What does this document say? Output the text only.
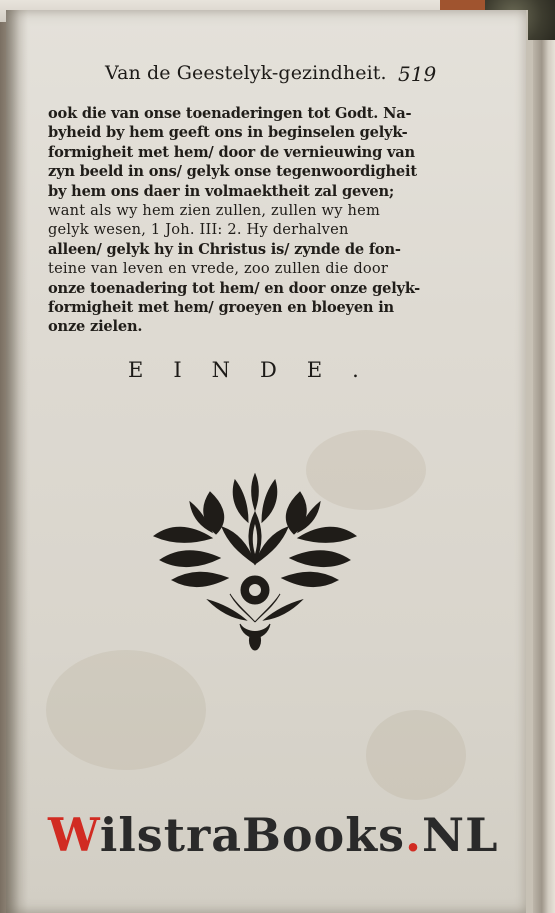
Van de Geestelyk-gezindheit. 519
ook die van onse toenaderingen tot Godt. Na-
byheid by hem geeft ons in beginselen gelyk-
formigheit met hem/ door de vernieuwing van
zyn beeld in ons/ gelyk onse tegenwoordigheit
by hem ons daer in volmaektheit zal geven;
want als wy hem zien zullen, zullen wy hem
gelyk wesen, 1 Joh. III: 2. Hy derhalven
alleen/ gelyk hy in Christus is/ zynde de fon-
teine van leven en vrede, zoo zullen die door
onze toenadering tot hem/ en door onze gelyk-
formigheit met hem/ groeyen en bloeyen in
onze zielen.
EINDE.
WilstraBooks.NL
